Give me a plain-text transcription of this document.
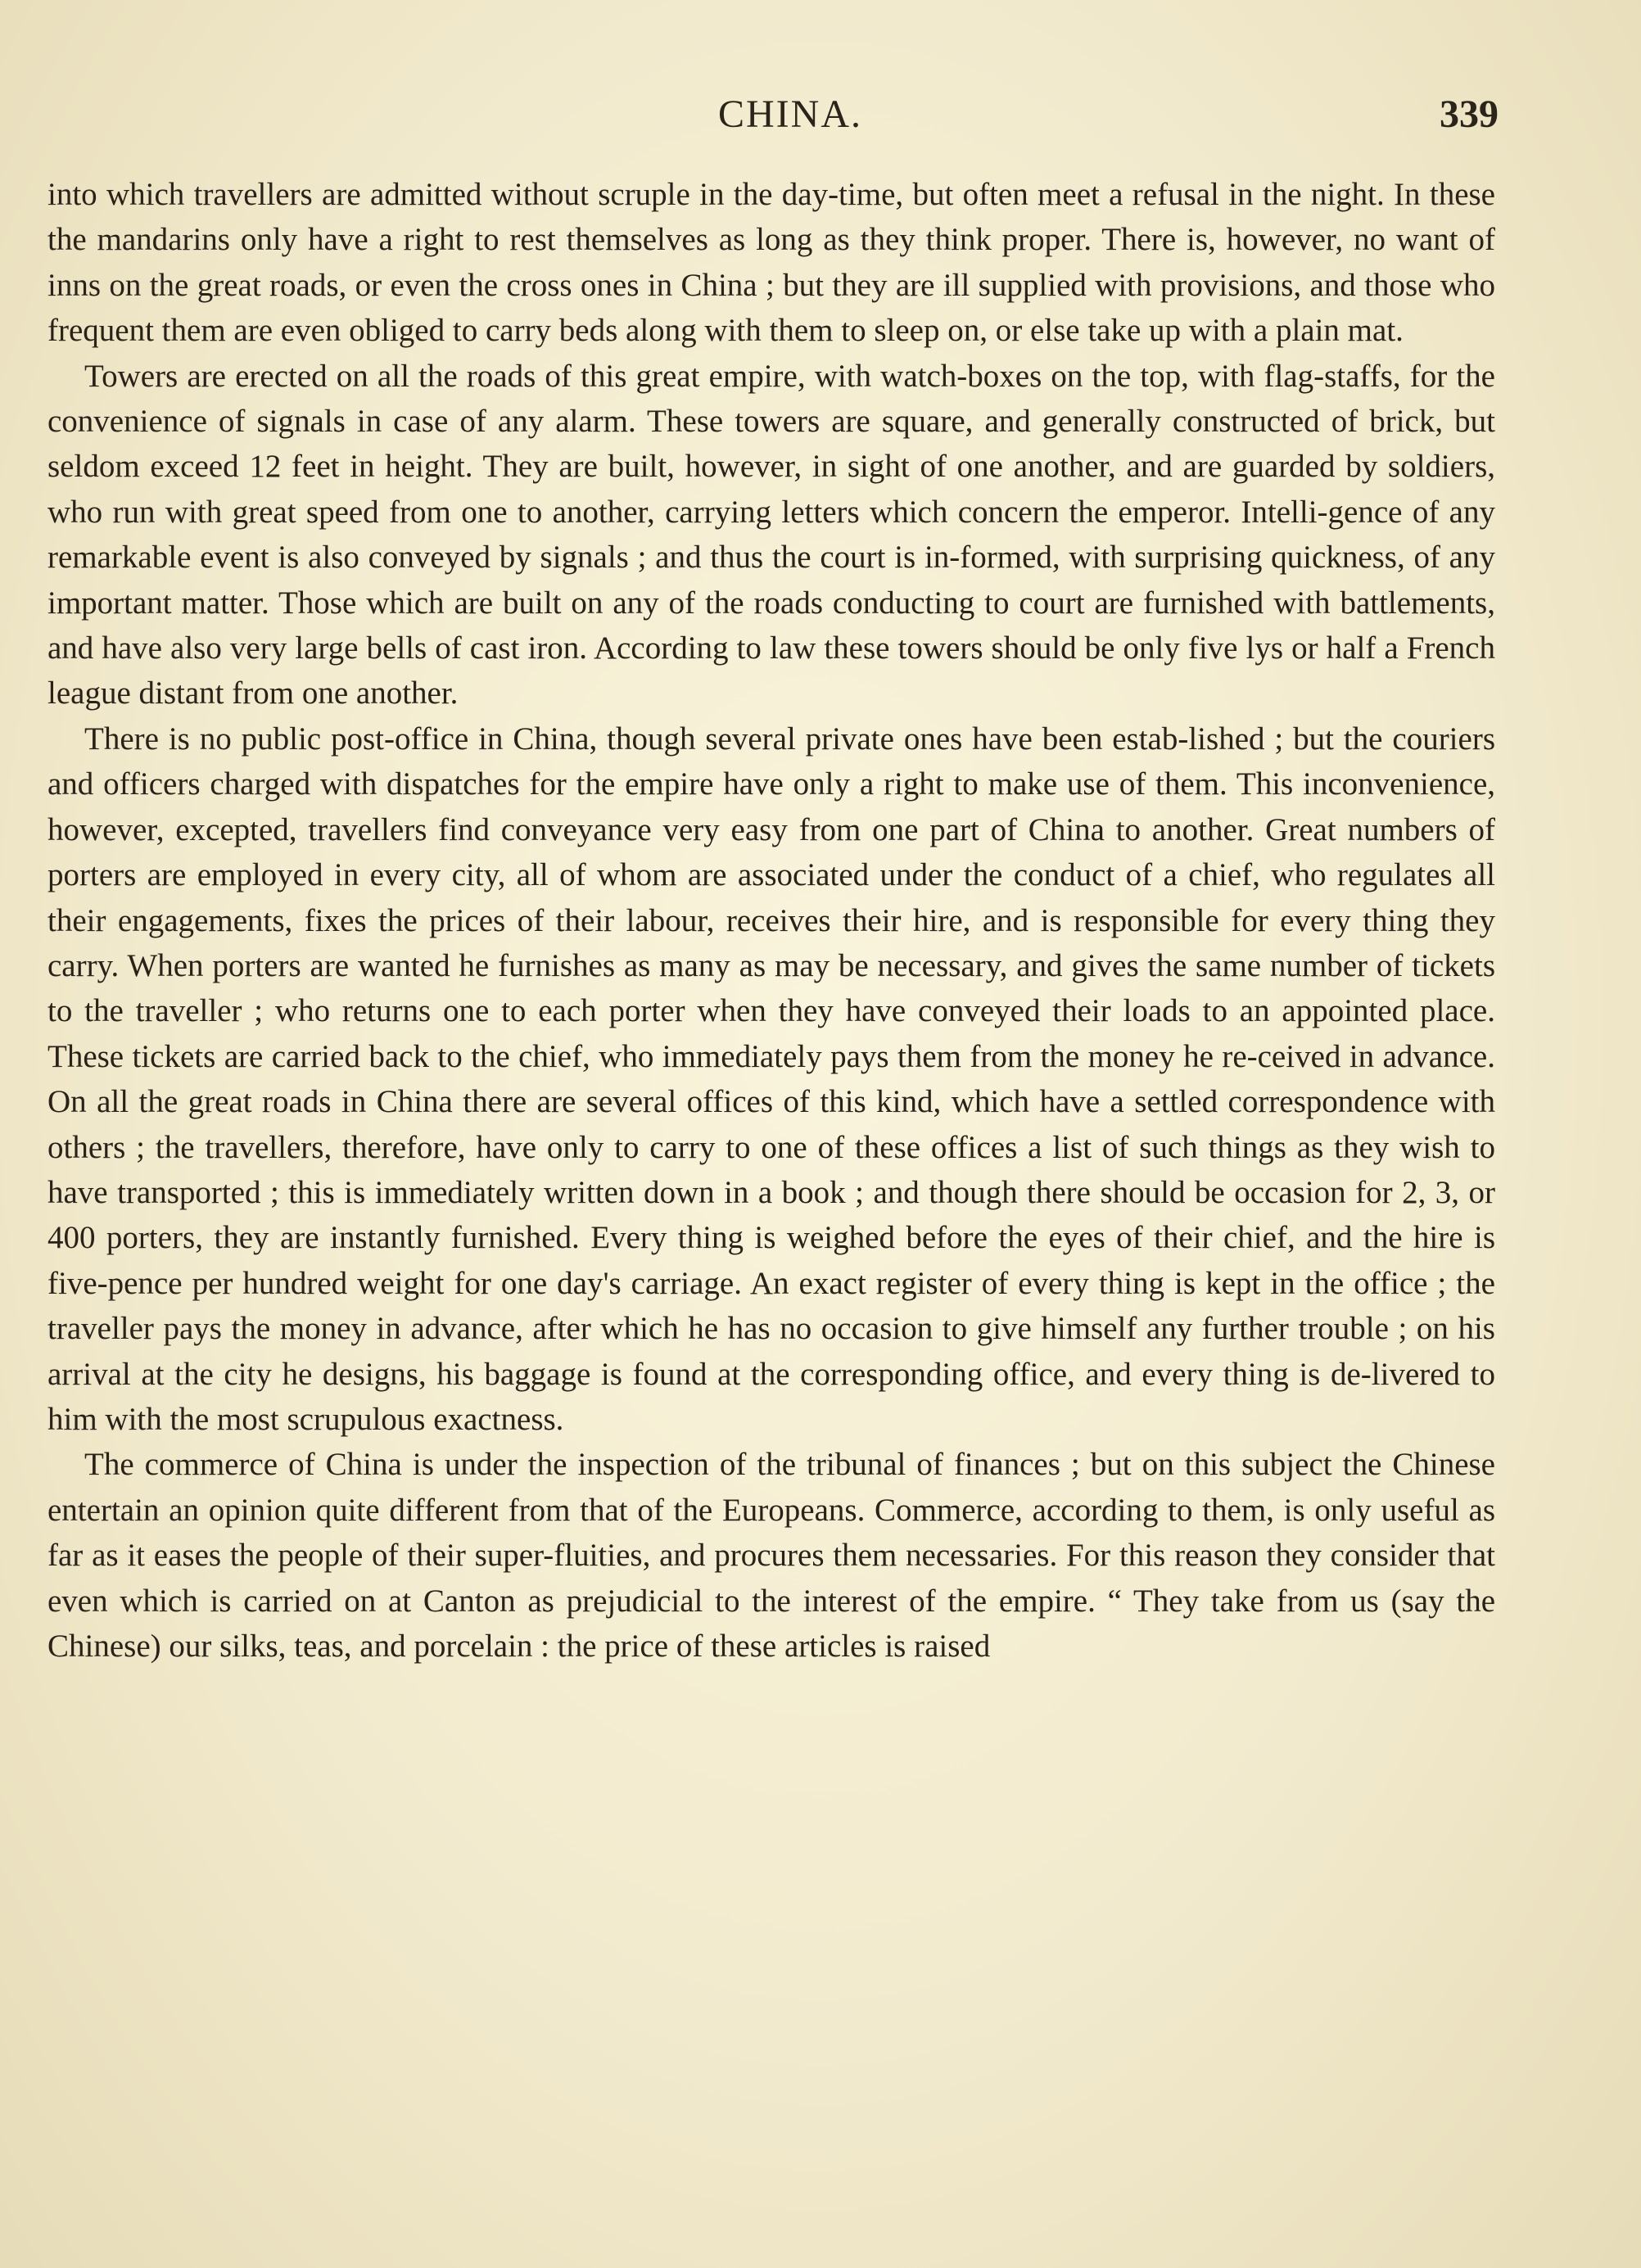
CHINA.	339

into which travellers are admitted without scruple in the day-time, but often meet a refusal in the night. In these the mandarins only have a right to rest themselves as long as they think proper. There is, however, no want of inns on the great roads, or even the cross ones in China ; but they are ill supplied with provisions, and those who frequent them are even obliged to carry beds along with them to sleep on, or else take up with a plain mat.

Towers are erected on all the roads of this great empire, with watch-boxes on the top, with flag-staffs, for the convenience of signals in case of any alarm. These towers are square, and generally constructed of brick, but seldom exceed 12 feet in height. They are built, however, in sight of one another, and are guarded by soldiers, who run with great speed from one to another, carrying letters which concern the emperor. Intelli-gence of any remarkable event is also conveyed by signals ; and thus the court is in-formed, with surprising quickness, of any important matter. Those which are built on any of the roads conducting to court are furnished with battlements, and have also very large bells of cast iron. According to law these towers should be only five lys or half a French league distant from one another.

There is no public post-office in China, though several private ones have been estab-lished ; but the couriers and officers charged with dispatches for the empire have only a right to make use of them. This inconvenience, however, excepted, travellers find conveyance very easy from one part of China to another. Great numbers of porters are employed in every city, all of whom are associated under the conduct of a chief, who regulates all their engagements, fixes the prices of their labour, receives their hire, and is responsible for every thing they carry. When porters are wanted he furnishes as many as may be necessary, and gives the same number of tickets to the traveller ; who returns one to each porter when they have conveyed their loads to an appointed place. These tickets are carried back to the chief, who immediately pays them from the money he re-ceived in advance. On all the great roads in China there are several offices of this kind, which have a settled correspondence with others ; the travellers, therefore, have only to carry to one of these offices a list of such things as they wish to have transported ; this is immediately written down in a book ; and though there should be occasion for 2, 3, or 400 porters, they are instantly furnished. Every thing is weighed before the eyes of their chief, and the hire is five-pence per hundred weight for one day's carriage. An exact register of every thing is kept in the office ; the traveller pays the money in advance, after which he has no occasion to give himself any further trouble ; on his arrival at the city he designs, his baggage is found at the corresponding office, and every thing is de-livered to him with the most scrupulous exactness.

The commerce of China is under the inspection of the tribunal of finances ; but on this subject the Chinese entertain an opinion quite different from that of the Europeans. Commerce, according to them, is only useful as far as it eases the people of their super-fluities, and procures them necessaries. For this reason they consider that even which is carried on at Canton as prejudicial to the interest of the empire. “ They take from us (say the Chinese) our silks, teas, and porcelain : the price of these articles is raised
